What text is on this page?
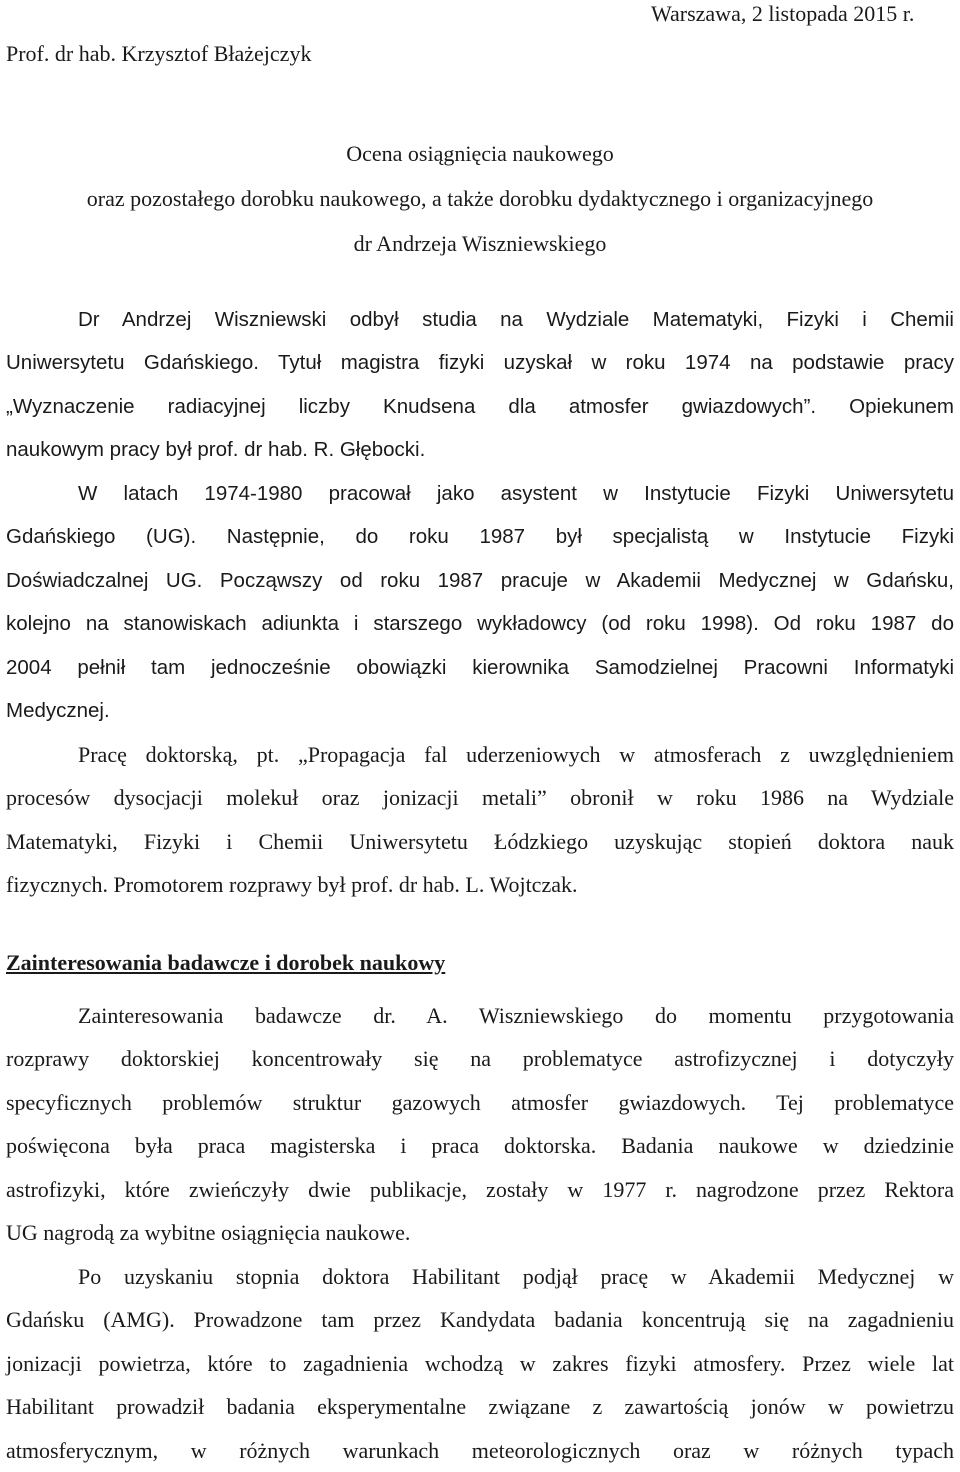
Warszawa, 2 listopada 2015 r.
Prof. dr hab. Krzysztof Błażejczyk
Ocena osiągnięcia naukowego
oraz pozostałego dorobku naukowego, a także dorobku dydaktycznego i organizacyjnego
dr Andrzeja Wiszniewskiego

Dr Andrzej Wiszniewski odbył studia na Wydziale Matematyki, Fizyki i Chemii

Uniwersytetu Gdańskiego. Tytuł magistra fizyki uzyskał w roku 1974 na podstawie pracy

„Wyznaczenie radiacyjnej liczby Knudsena dla atmosfer gwiazdowych”. Opiekunem

naukowym pracy był prof. dr hab. R. Głębocki.

W latach 1974-1980 pracował jako asystent w Instytucie Fizyki Uniwersytetu

Gdańskiego (UG). Następnie, do roku 1987 był specjalistą w Instytucie Fizyki

Doświadczalnej UG. Począwszy od roku 1987 pracuje w Akademii Medycznej w Gdańsku,

kolejno na stanowiskach adiunkta i starszego wykładowcy (od roku 1998). Od roku 1987 do

2004 pełnił tam jednocześnie obowiązki kierownika Samodzielnej Pracowni Informatyki

Medycznej.

Pracę doktorską, pt. „Propagacja fal uderzeniowych w atmosferach z uwzględnieniem

procesów dysocjacji molekuł oraz jonizacji metali” obronił w roku 1986 na Wydziale

Matematyki, Fizyki i Chemii Uniwersytetu Łódzkiego uzyskując stopień doktora nauk

fizycznych. Promotorem rozprawy był prof. dr hab. L. Wojtczak.

Zainteresowania badawcze i dorobek naukowy

Zainteresowania badawcze dr. A. Wiszniewskiego do momentu przygotowania

rozprawy doktorskiej koncentrowały się na problematyce astrofizycznej i dotyczyły

specyficznych problemów struktur gazowych atmosfer gwiazdowych. Tej problematyce

poświęcona była praca magisterska i praca doktorska. Badania naukowe w dziedzinie

astrofizyki, które zwieńczyły dwie publikacje, zostały w 1977 r. nagrodzone przez Rektora

UG nagrodą za wybitne osiągnięcia naukowe.

Po uzyskaniu stopnia doktora Habilitant podjął pracę w Akademii Medycznej w

Gdańsku (AMG). Prowadzone tam przez Kandydata badania koncentrują się na zagadnieniu

jonizacji powietrza, które to zagadnienia wchodzą w zakres fizyki atmosfery. Przez wiele lat

Habilitant prowadził badania eksperymentalne związane z zawartością jonów w powietrzu

atmosferycznym, w różnych warunkach meteorologicznych oraz w różnych typach
